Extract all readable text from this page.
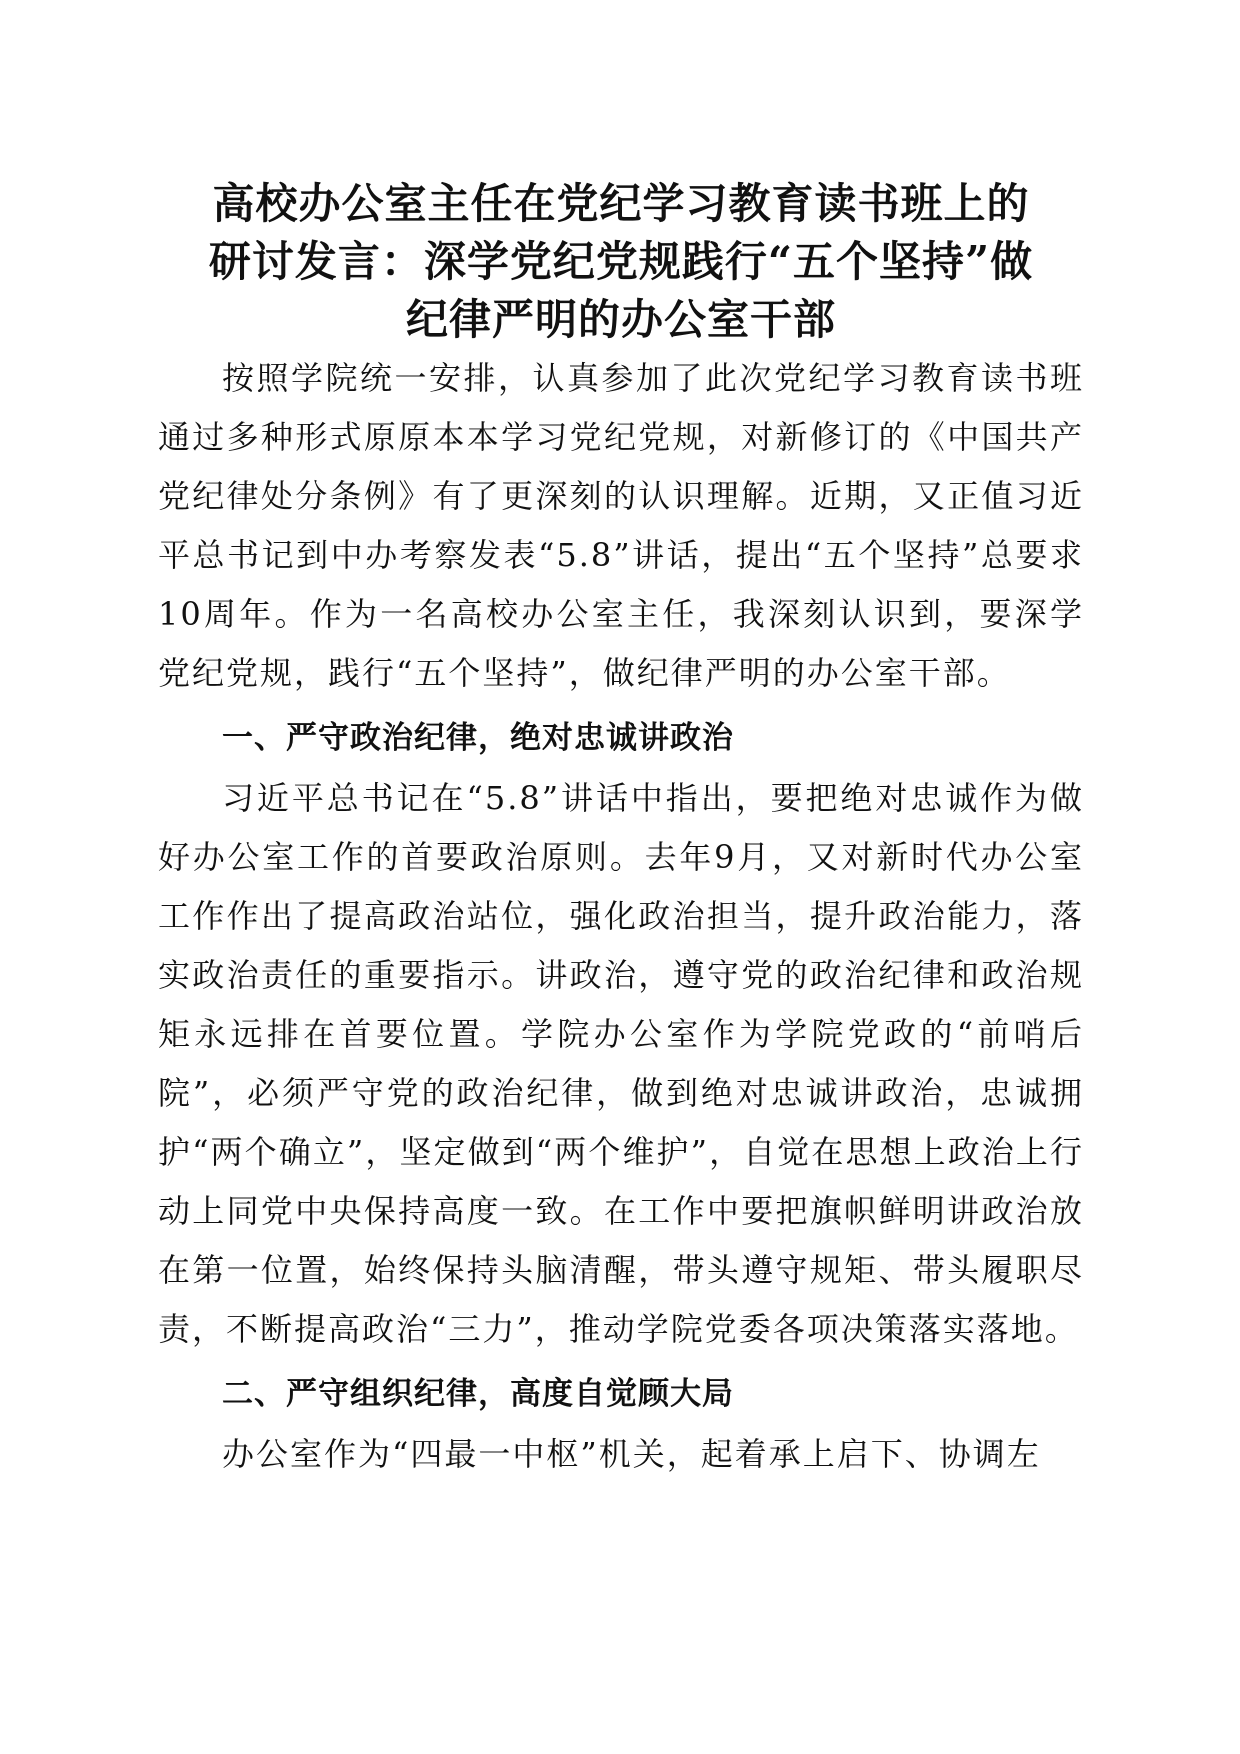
高校办公室主任在党纪学习教育读书班上的
研讨发言：深学党纪党规践行“五个坚持”做
纪律严明的办公室干部

按照学院统一安排，认真参加了此次党纪学习教育读书班通过多种形式原原本本学习党纪党规，对新修订的《中国共产党纪律处分条例》有了更深刻的认识理解。近期，又正值习近平总书记到中办考察发表“5.8”讲话，提出“五个坚持”总要求10周年。作为一名高校办公室主任，我深刻认识到，要深学党纪党规，践行“五个坚持”，做纪律严明的办公室干部。

一、严守政治纪律，绝对忠诚讲政治

习近平总书记在“5.8”讲话中指出，要把绝对忠诚作为做好办公室工作的首要政治原则。去年9月，又对新时代办公室工作作出了提高政治站位，强化政治担当，提升政治能力，落实政治责任的重要指示。讲政治，遵守党的政治纪律和政治规矩永远排在首要位置。学院办公室作为学院党政的“前哨后院”，必须严守党的政治纪律，做到绝对忠诚讲政治，忠诚拥护“两个确立”，坚定做到“两个维护”，自觉在思想上政治上行动上同党中央保持高度一致。在工作中要把旗帜鲜明讲政治放在第一位置，始终保持头脑清醒，带头遵守规矩、带头履职尽责，不断提高政治“三力”，推动学院党委各项决策落实落地。

二、严守组织纪律，高度自觉顾大局

办公室作为“四最一中枢”机关，起着承上启下、协调左
